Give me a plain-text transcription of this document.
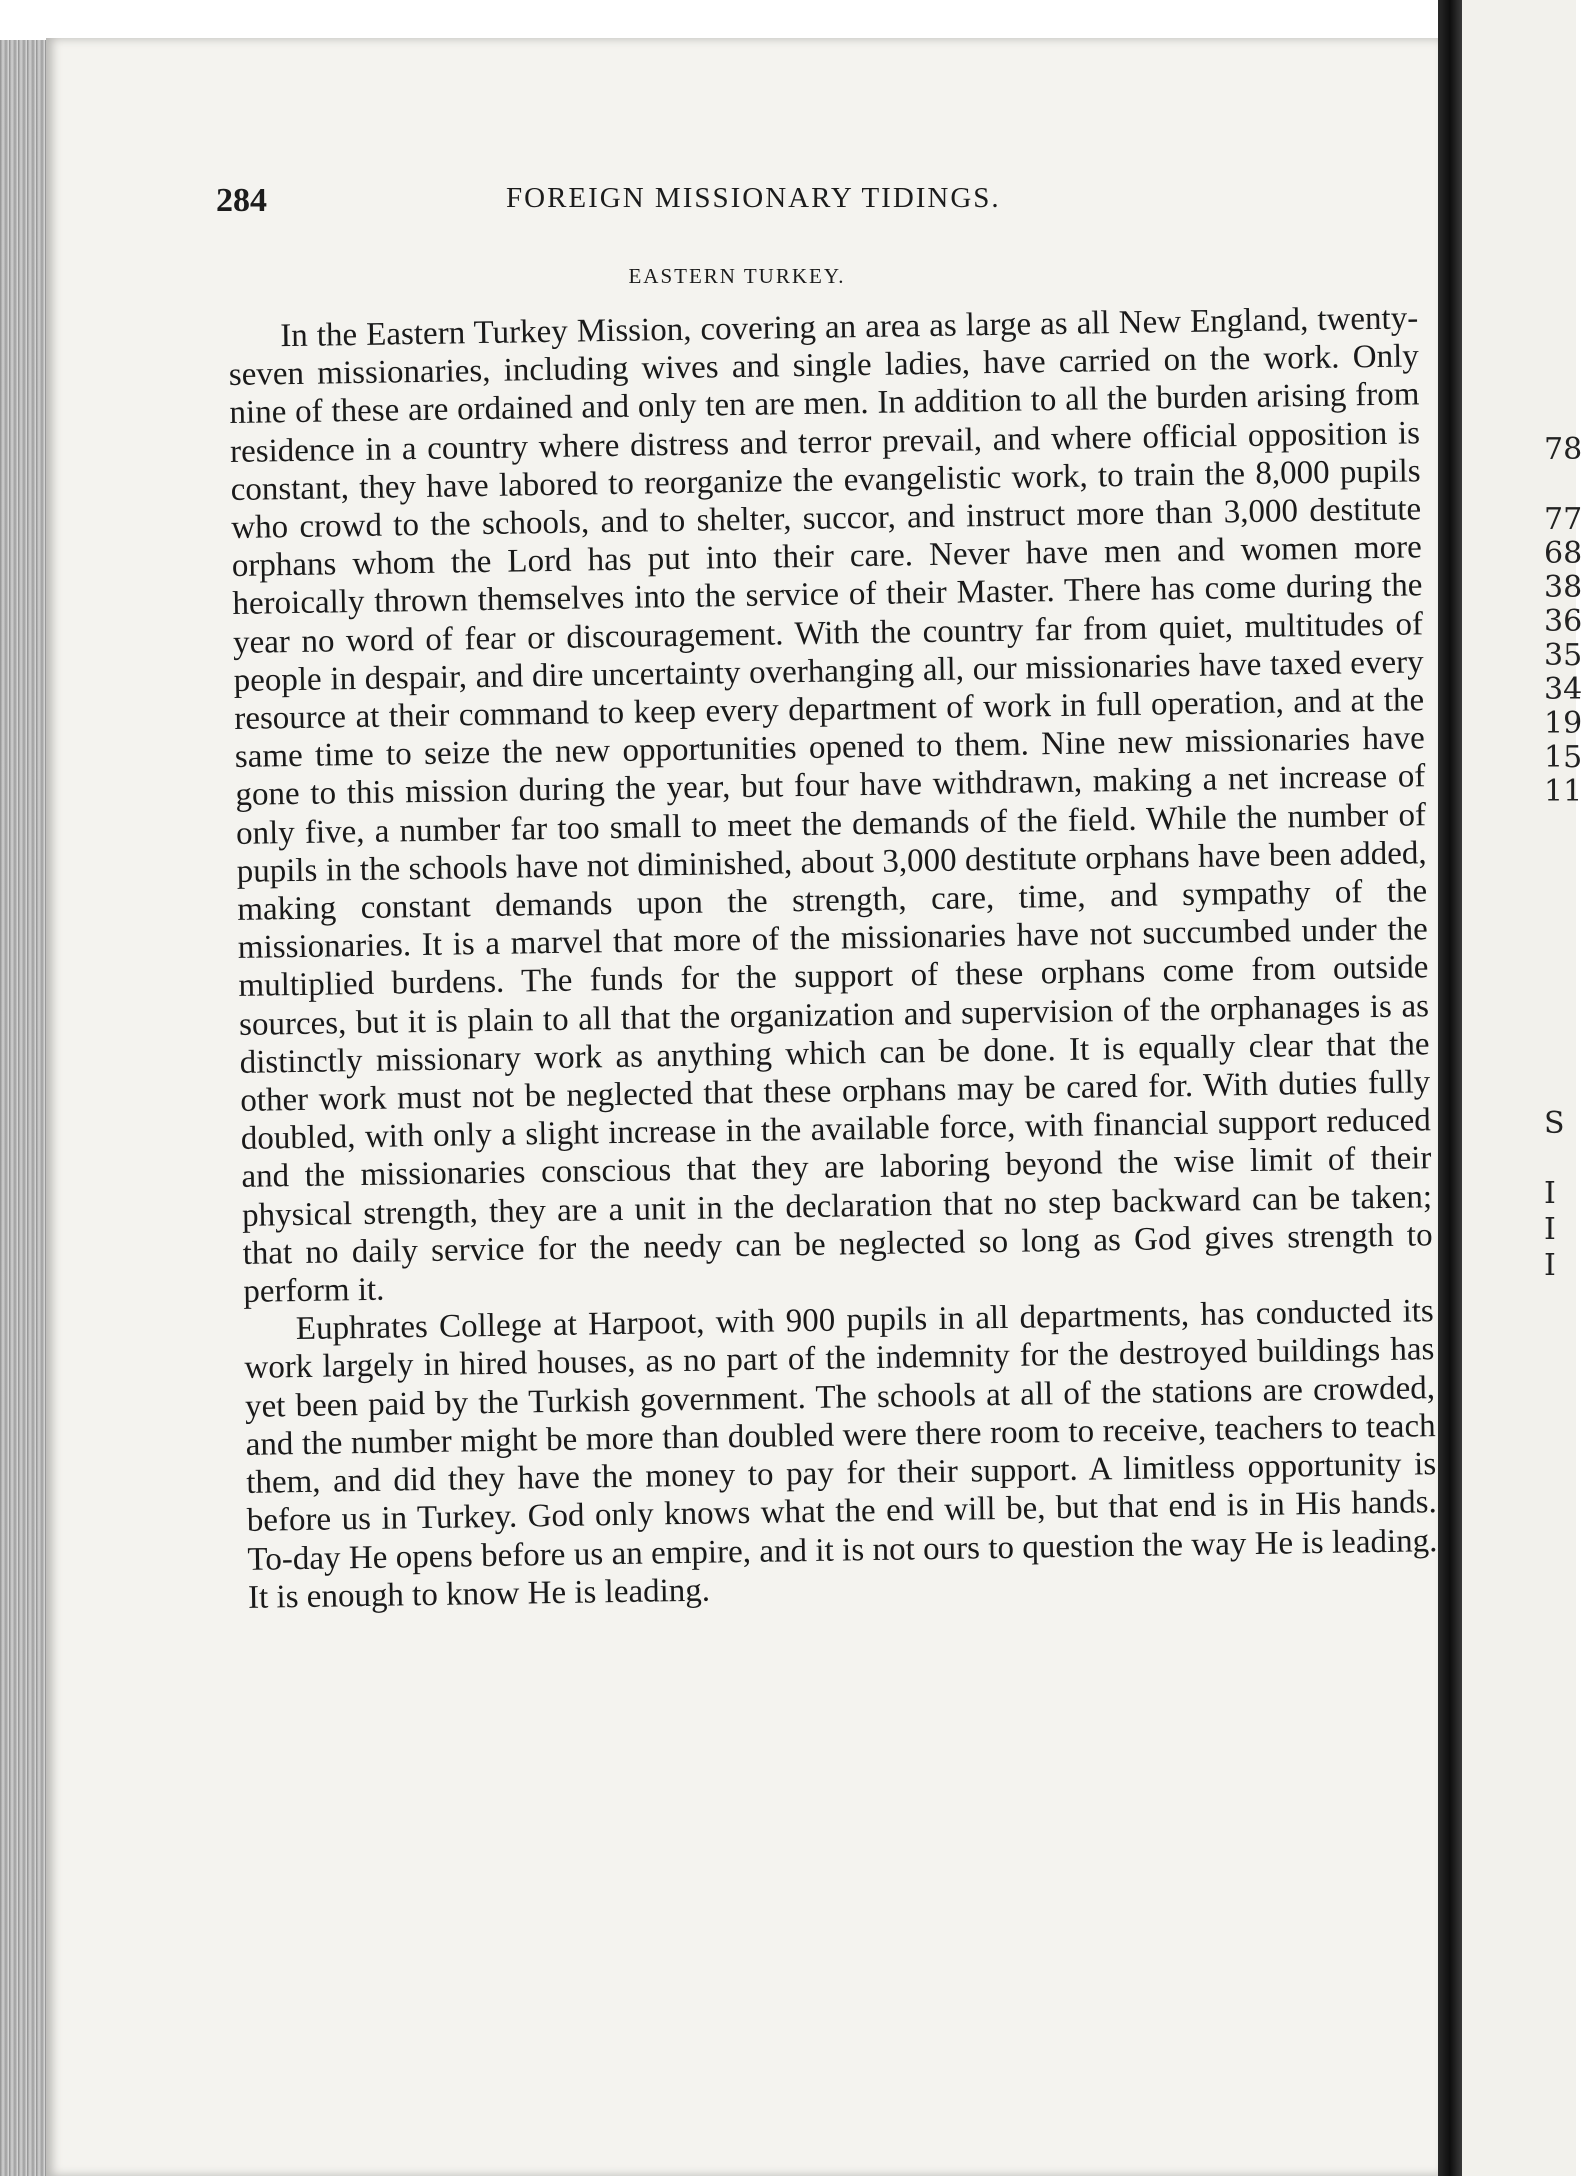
284	FOREIGN MISSIONARY TIDINGS.
EASTERN TURKEY.

In the Eastern Turkey Mission, covering an area as large as all New England, twenty-seven missionaries, including wives and single ladies, have carried on the work. Only nine of these are ordained and only ten are men. In addition to all the burden arising from residence in a country where distress and terror prevail, and where official opposition is constant, they have labored to reorganize the evangelistic work, to train the 8,000 pupils who crowd to the schools, and to shelter, succor, and instruct more than 3,000 destitute orphans whom the Lord has put into their care. Never have men and women more heroically thrown themselves into the service of their Master. There has come during the year no word of fear or discouragement. With the country far from quiet, multitudes of people in despair, and dire uncertainty overhanging all, our missionaries have taxed every resource at their command to keep every department of work in full operation, and at the same time to seize the new opportunities opened to them. Nine new missionaries have gone to this mission during the year, but four have withdrawn, making a net increase of only five, a number far too small to meet the demands of the field. While the number of pupils in the schools have not diminished, about 3,000 destitute orphans have been added, making constant demands upon the strength, care, time, and sympathy of the missionaries. It is a marvel that more of the missionaries have not succumbed under the multiplied burdens. The funds for the support of these orphans come from outside sources, but it is plain to all that the organization and supervision of the orphanages is as distinctly missionary work as anything which can be done. It is equally clear that the other work must not be neglected that these orphans may be cared for. With duties fully doubled, with only a slight increase in the available force, with financial support reduced and the missionaries conscious that they are laboring beyond the wise limit of their physical strength, they are a unit in the declaration that no step backward can be taken; that no daily service for the needy can be neglected so long as God gives strength to perform it.

Euphrates College at Harpoot, with 900 pupils in all departments, has conducted its work largely in hired houses, as no part of the indemnity for the destroyed buildings has yet been paid by the Turkish government. The schools at all of the stations are crowded, and the number might be more than doubled were there room to receive, teachers to teach them, and did they have the money to pay for their support. A limitless opportunity is before us in Turkey. God only knows what the end will be, but that end is in His hands. To-day He opens before us an empire, and it is not ours to question the way He is leading. It is enough to know He is leading.

78
77
68
38
36
35
34
19
15
11
S
I
I
I
